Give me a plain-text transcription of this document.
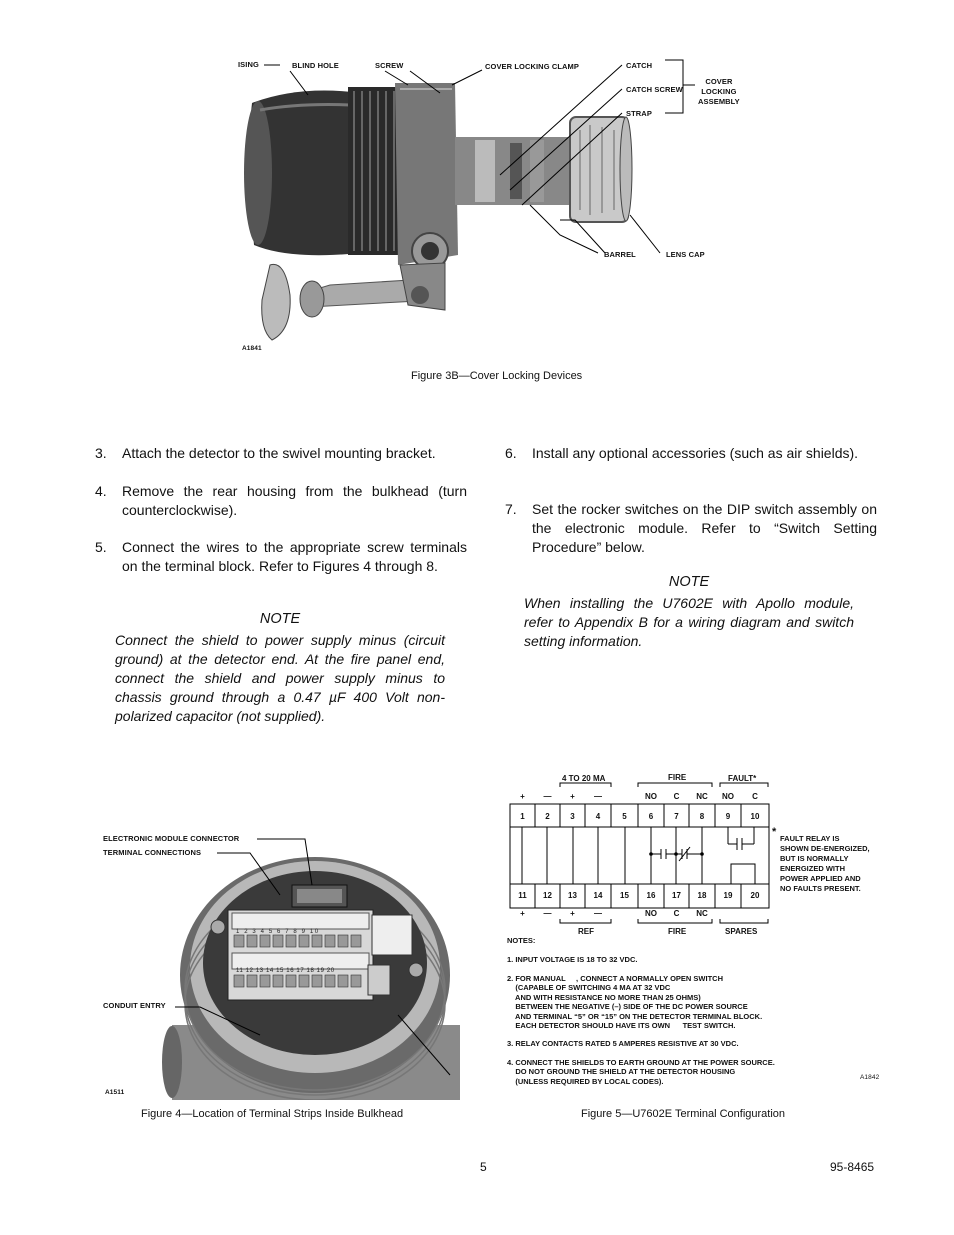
ISING	BLIND HOLE	SCREW	COVER LOCKING CLAMP	CATCH
CATCH SCREW
STRAP
COVER
LOCKING
ASSEMBLY
BARREL	LENS CAP
A1841
Figure 3B—Cover Locking Devices
3. Attach the detector to the swivel mounting bracket.
4. Remove the rear housing from the bulkhead (turn counterclockwise).
5. Connect the wires to the appropriate screw terminals on the terminal block. Refer to Figures 4 through 8.
NOTE
Connect the shield to power supply minus (circuit ground) at the detector end. At the fire panel end, connect the shield and power supply minus to chassis ground through a 0.47 µF 400 Volt non-polarized capacitor (not supplied).
6. Install any optional accessories (such as air shields).
7. Set the rocker switches on the DIP switch assembly on the electronic module. Refer to “Switch Setting Procedure” below.
NOTE
When installing the U7602E with Apollo module, refer to Appendix B for a wiring diagram and switch setting information.
1 2 3 4 5 6 7 8 9 10
11 12 13 14 15 16 17 18 19 20
ELECTRONIC MODULE CONNECTOR
TERMINAL CONNECTIONS
CONDUIT ENTRY
A1511
Figure 4—Location of Terminal Strips Inside Bulkhead
4 TO 20 MA	FIRE	FAULT*
+	—	+	—	NO	C	NC	NO	C
1	2	3	4	5	6	7	8	9	10
11	12	13	14	15	16	17	18	19	20
+	—	+	—	NO	C	NC
REF	FIRE	SPARES
*
FAULT RELAY IS
SHOWN DE-ENERGIZED,
BUT IS NORMALLY
ENERGIZED WITH
POWER APPLIED AND
NO FAULTS PRESENT.
NOTES:
1. INPUT VOLTAGE IS 18 TO 32 VDC.
2. FOR MANUAL     , CONNECT A NORMALLY OPEN SWITCH
(CAPABLE OF SWITCHING 4 MA AT 32 VDC
AND WITH RESISTANCE NO MORE THAN 25 OHMS)
BETWEEN THE NEGATIVE (–) SIDE OF THE DC POWER SOURCE
AND TERMINAL “5” OR “15” ON THE DETECTOR TERMINAL BLOCK.
EACH DETECTOR SHOULD HAVE ITS OWN      TEST SWITCH.
3. RELAY CONTACTS RATED 5 AMPERES RESISTIVE AT 30 VDC.
4. CONNECT THE SHIELDS TO EARTH GROUND AT THE POWER SOURCE.
DO NOT GROUND THE SHIELD AT THE DETECTOR HOUSING
(UNLESS REQUIRED BY LOCAL CODES).	A1842
Figure 5—U7602E Terminal Configuration
5	95-8465
